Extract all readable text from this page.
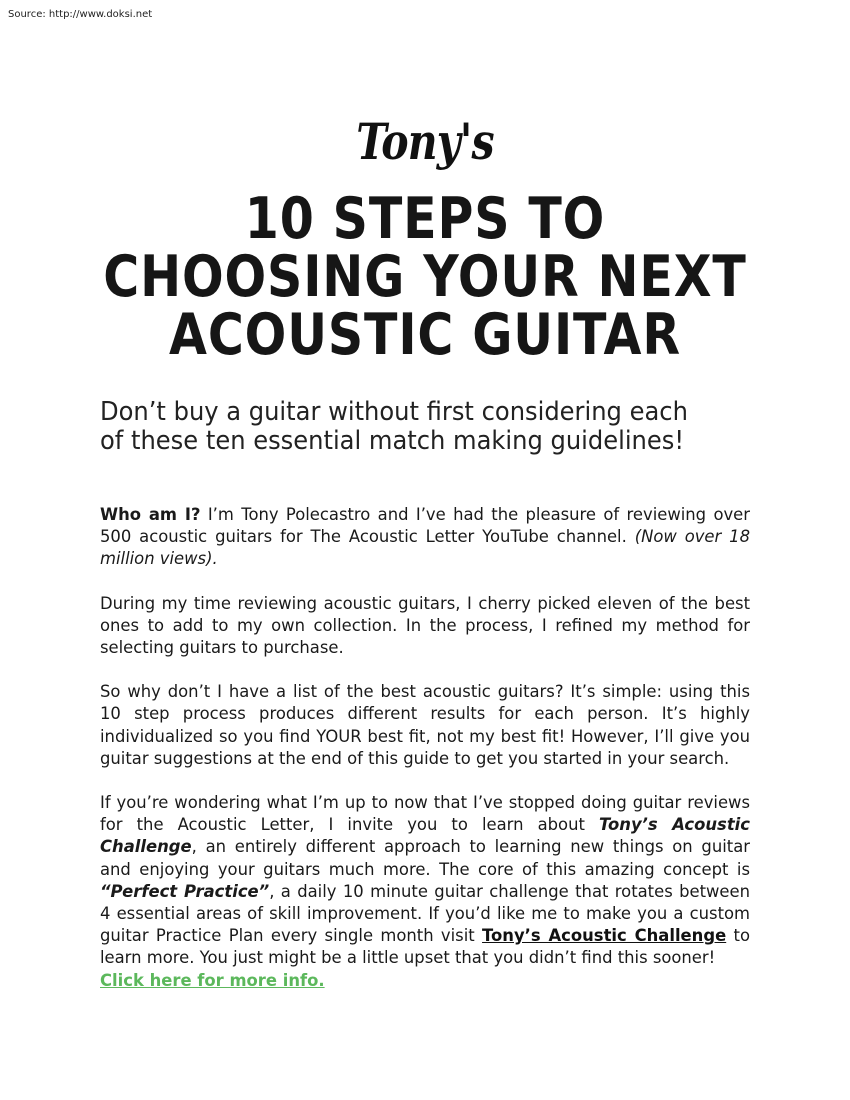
Source: http://www.doksi.net
Tony's
10 STEPS TO
CHOOSING YOUR NEXT
ACOUSTIC GUITAR
Don’t buy a guitar without first considering each of these ten essential match making guidelines!

Who am I? I’m Tony Polecastro and I’ve had the pleasure of reviewing over 500 acoustic guitars for The Acoustic Letter YouTube channel. (Now over 18 million views).

During my time reviewing acoustic guitars, I cherry picked eleven of the best ones to add to my own collection. In the process, I refined my method for selecting guitars to purchase.

So why don’t I have a list of the best acoustic guitars? It’s simple: using this 10 step process produces different results for each person. It’s highly individualized so you find YOUR best fit, not my best fit! However, I’ll give you guitar suggestions at the end of this guide to get you started in your search.

If you’re wondering what I’m up to now that I’ve stopped doing guitar reviews for the Acoustic Letter, I invite you to learn about Tony’s Acoustic Challenge, an entirely different approach to learning new things on guitar and enjoying your guitars much more. The core of this amazing concept is “Perfect Practice”, a daily 10 minute guitar challenge that rotates between 4 essential areas of skill improvement. If you’d like me to make you a custom guitar Practice Plan every single month visit Tony’s Acoustic Challenge to learn more. You just might be a little upset that you didn’t find this sooner!

Click here for more info.
